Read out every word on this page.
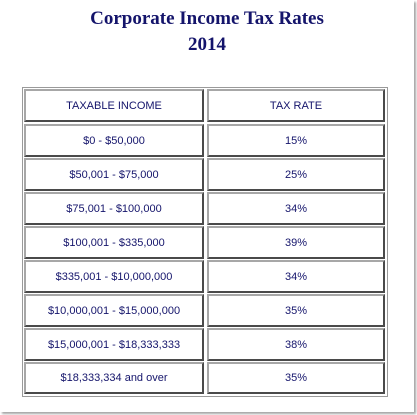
Corporate Income Tax Rates
2014
TAXABLE INCOME	TAX RATE
$0 - $50,000	15%
$50,001 - $75,000	25%
$75,001 - $100,000	34%
$100,001 - $335,000	39%
$335,001 - $10,000,000	34%
$10,000,001 - $15,000,000	35%
$15,000,001 - $18,333,333	38%
$18,333,334 and over	35%
